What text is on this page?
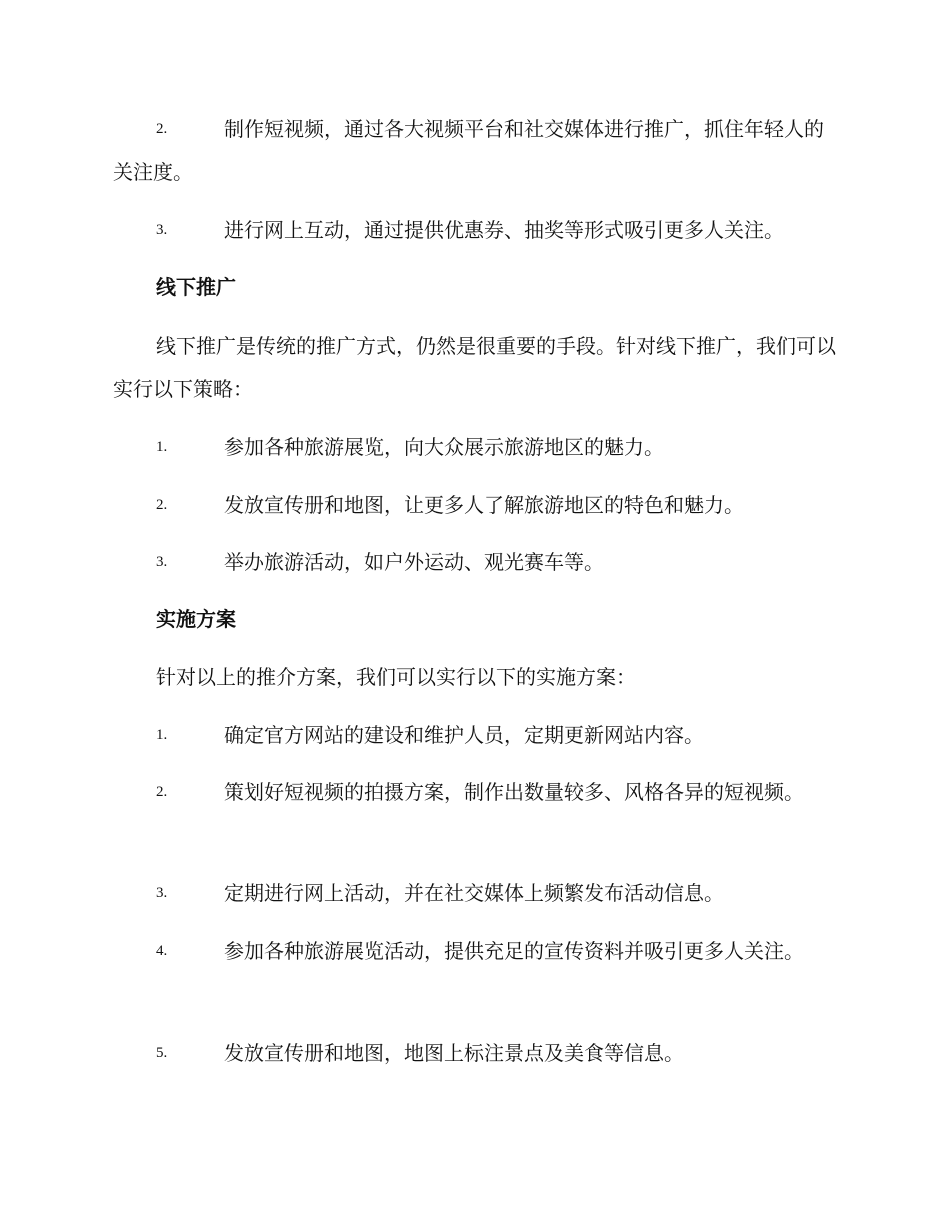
2.	制作短视频，通过各大视频平台和社交媒体进行推广，抓住年轻人的关注度。
3.	进行网上互动，通过提供优惠券、抽奖等形式吸引更多人关注。
线下推广
线下推广是传统的推广方式，仍然是很重要的手段。针对线下推广，我们可以实行以下策略：
1.	参加各种旅游展览，向大众展示旅游地区的魅力。
2.	发放宣传册和地图，让更多人了解旅游地区的特色和魅力。
3.	举办旅游活动，如户外运动、观光赛车等。
实施方案
针对以上的推介方案，我们可以实行以下的实施方案：
1.	确定官方网站的建设和维护人员，定期更新网站内容。
2.	策划好短视频的拍摄方案，制作出数量较多、风格各异的短视频。
3.	定期进行网上活动，并在社交媒体上频繁发布活动信息。
4.	参加各种旅游展览活动，提供充足的宣传资料并吸引更多人关注。
5.	发放宣传册和地图，地图上标注景点及美食等信息。
